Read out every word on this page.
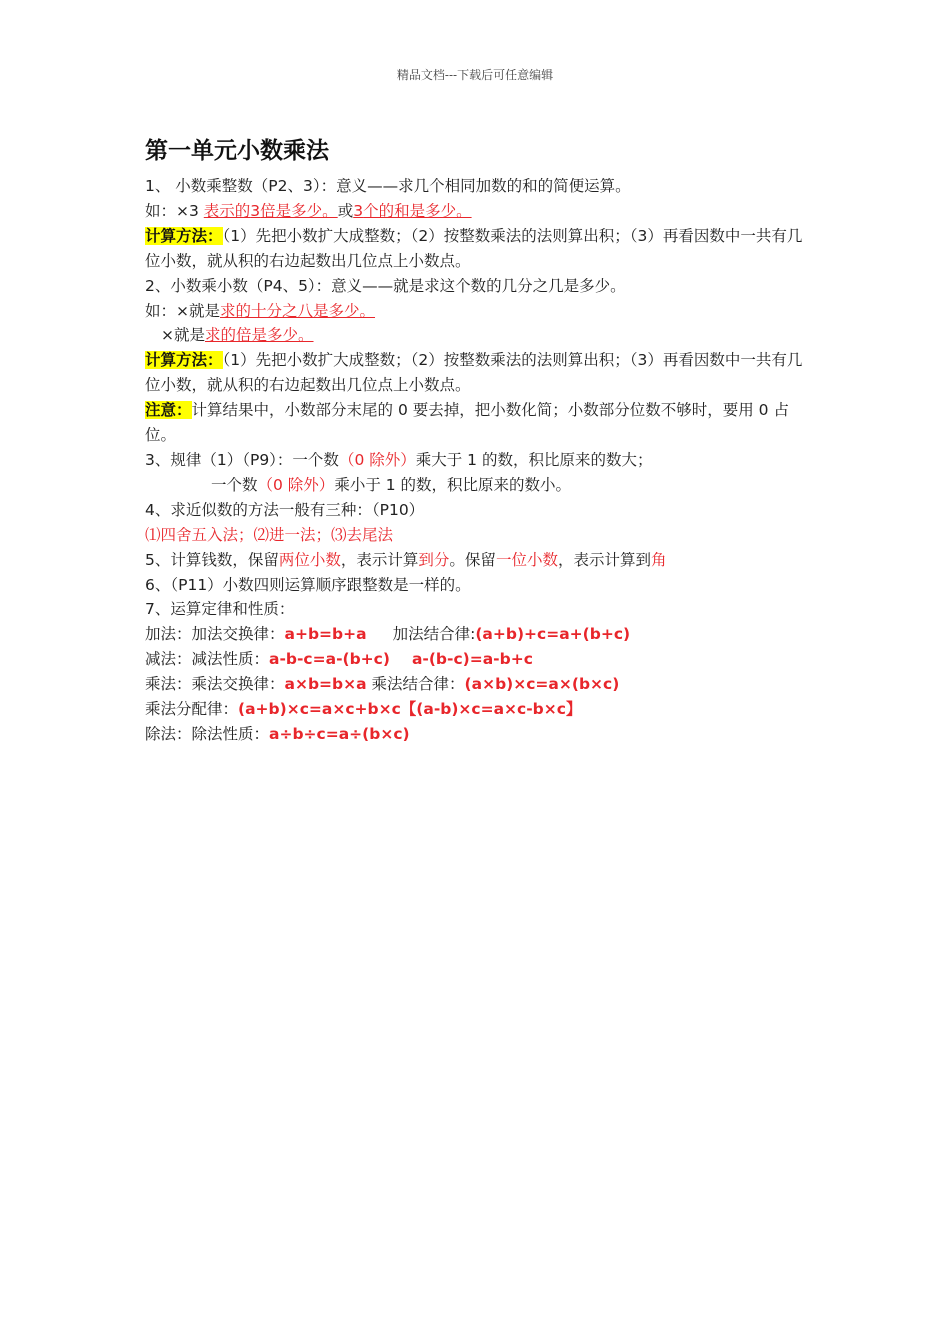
精品文档---下载后可任意编辑
第一单元小数乘法
1、 小数乘整数（P2、3）：意义——求几个相同加数的和的简便运算。
如：×3 表示的3倍是多少。或3个的和是多少。
计算方法：（1）先把小数扩大成整数；（2）按整数乘法的法则算出积；（3）再看因数中一共有几位小数，就从积的右边起数出几位点上小数点。
2、小数乘小数（P4、5）：意义——就是求这个数的几分之几是多少。
如：×就是求的十分之八是多少。
×就是求的倍是多少。
计算方法：（1）先把小数扩大成整数；（2）按整数乘法的法则算出积；（3）再看因数中一共有几位小数，就从积的右边起数出几位点上小数点。
注意：计算结果中，小数部分末尾的 0 要去掉，把小数化简；小数部分位数不够时，要用 0 占位。
3、规律（1）（P9）：一个数（0 除外）乘大于 1 的数，积比原来的数大；
一个数（0 除外）乘小于 1 的数，积比原来的数小。
4、求近似数的方法一般有三种：（P10）
⑴四舍五入法；⑵进一法；⑶去尾法
5、计算钱数，保留两位小数，表示计算到分。保留一位小数，表示计算到角
6、（P11）小数四则运算顺序跟整数是一样的。
7、运算定律和性质：
加法：加法交换律：a+b=b+a 加法结合律:(a+b)+c=a+(b+c)
减法：减法性质：a-b-c=a-(b+c) a-(b-c)=a-b+c
乘法：乘法交换律：a×b=b×a 乘法结合律：(a×b)×c=a×(b×c)
乘法分配律：(a+b)×c=a×c+b×c【(a-b)×c=a×c-b×c】
除法：除法性质：a÷b÷c=a÷(b×c)
